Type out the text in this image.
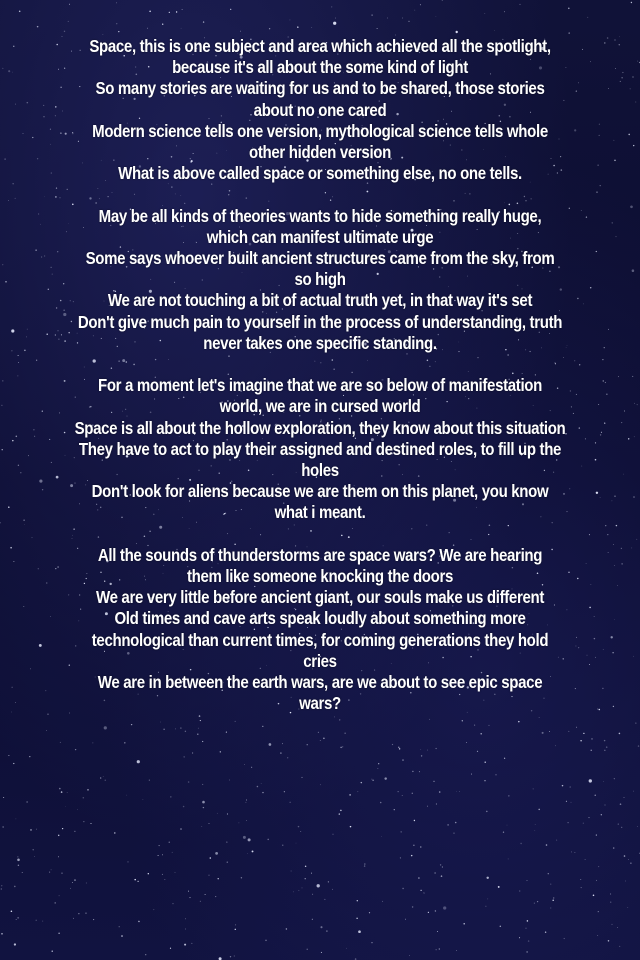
Space, this is one subject and area which achieved all the spotlight,
because it's all about the some kind of light
So many stories are waiting for us and to be shared, those stories
about no one cared
Modern science tells one version, mythological science tells whole
other hidden version
What is above called space or something else, no one tells.
May be all kinds of theories wants to hide something really huge,
which can manifest ultimate urge
Some says whoever built ancient structures came from the sky, from
so high
We are not touching a bit of actual truth yet, in that way it's set
Don't give much pain to yourself in the process of understanding, truth
never takes one specific standing.
For a moment let's imagine that we are so below of manifestation
world, we are in cursed world
Space is all about the hollow exploration, they know about this situation
They have to act to play their assigned and destined roles, to fill up the
holes
Don't look for aliens because we are them on this planet, you know
what i meant.
All the sounds of thunderstorms are space wars? We are hearing
them like someone knocking the doors
We are very little before ancient giant, our souls make us different
Old times and cave arts speak loudly about something more
technological than current times, for coming generations they hold
cries
We are in between the earth wars, are we about to see epic space
wars?
